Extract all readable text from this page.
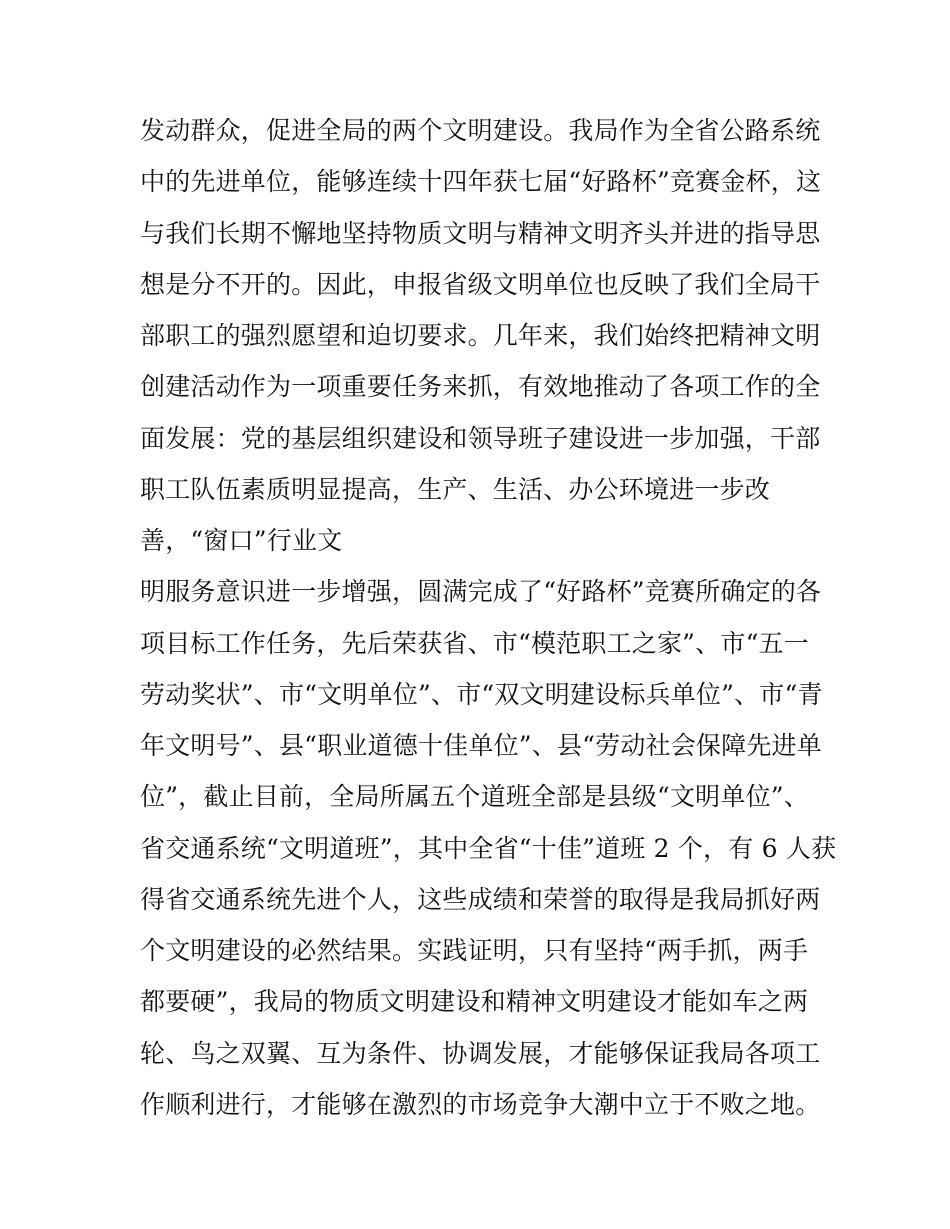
发动群众，促进全局的两个文明建设。我局作为全省公路系统
中的先进单位，能够连续十四年获七届“好路杯”竞赛金杯，这
与我们长期不懈地坚持物质文明与精神文明齐头并进的指导思
想是分不开的。因此，申报省级文明单位也反映了我们全局干
部职工的强烈愿望和迫切要求。几年来，我们始终把精神文明
创建活动作为一项重要任务来抓，有效地推动了各项工作的全
面发展：党的基层组织建设和领导班子建设进一步加强，干部
职工队伍素质明显提高，生产、生活、办公环境进一步改
善，“窗口”行业文
明服务意识进一步增强，圆满完成了“好路杯”竞赛所确定的各
项目标工作任务，先后荣获省、市“模范职工之家”、市“五一
劳动奖状”、市“文明单位”、市“双文明建设标兵单位”、市“青
年文明号”、县“职业道德十佳单位”、县“劳动社会保障先进单
位”，截止目前，全局所属五个道班全部是县级“文明单位”、
省交通系统“文明道班”，其中全省“十佳”道班 2 个，有 6 人获
得省交通系统先进个人，这些成绩和荣誉的取得是我局抓好两
个文明建设的必然结果。实践证明，只有坚持“两手抓，两手
都要硬”，我局的物质文明建设和精神文明建设才能如车之两
轮、鸟之双翼、互为条件、协调发展，才能够保证我局各项工
作顺利进行，才能够在激烈的市场竞争大潮中立于不败之地。
